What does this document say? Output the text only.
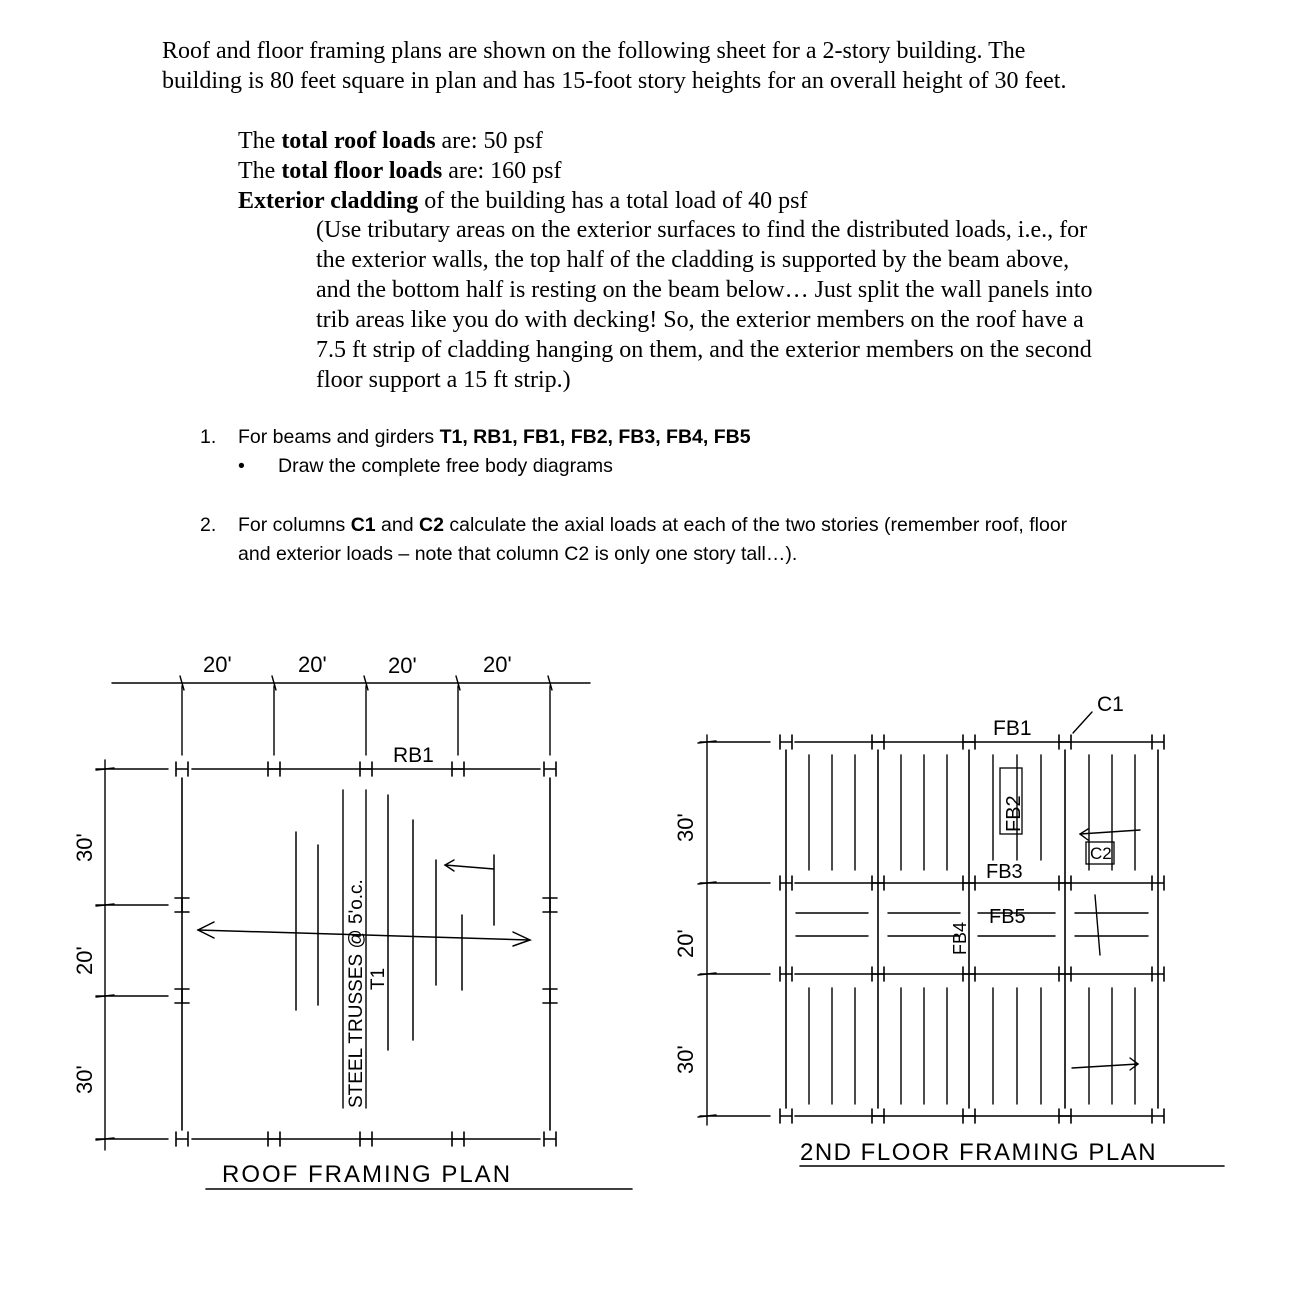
Roof and floor framing plans are shown on the following sheet for a 2-story building. The building is 80 feet square in plan and has 15-foot story heights for an overall height of 30 feet.
The total roof loads are: 50 psf
The total floor loads are: 160 psf
Exterior cladding of the building has a total load of 40 psf
(Use tributary areas on the exterior surfaces to find the distributed loads, i.e., for the exterior walls, the top half of the cladding is supported by the beam above, and the bottom half is resting on the beam below… Just split the wall panels into trib areas like you do with decking! So, the exterior members on the roof have a 7.5 ft strip of cladding hanging on them, and the exterior members on the second floor support a 15 ft strip.)
1.	For beams and girders T1, RB1, FB1, FB2, FB3, FB4, FB5
• Draw the complete free body diagrams
2.	For columns C1 and C2 calculate the axial loads at each of the two stories (remember roof, floor and exterior loads – note that column C2 is only one story tall…).
20'	20'	20'	20'
30'
20'
30'
RB1
STEEL TRUSSES @ 5'o.c. T1
ROOF FRAMING PLAN
30'
20'
30'
C1
FB1
FB2
FB3
C2
FB4
FB5
2ND FLOOR FRAMING PLAN
